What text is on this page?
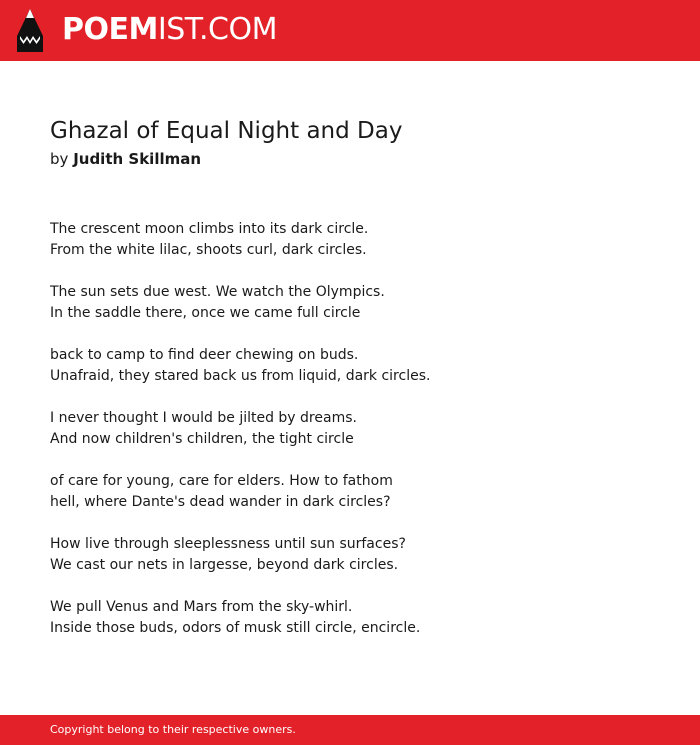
POEMIST.COM
Ghazal of Equal Night and Day
by Judith Skillman
The crescent moon climbs into its dark circle.
From the white lilac, shoots curl, dark circles.
The sun sets due west. We watch the Olympics.
In the saddle there, once we came full circle
back to camp to find deer chewing on buds.
Unafraid, they stared back us from liquid, dark circles.
I never thought I would be jilted by dreams.
And now children's children, the tight circle
of care for young, care for elders. How to fathom
hell, where Dante's dead wander in dark circles?
How live through sleeplessness until sun surfaces?
We cast our nets in largesse, beyond dark circles.
We pull Venus and Mars from the sky-whirl.
Inside those buds, odors of musk still circle, encircle.
Copyright belong to their respective owners.
